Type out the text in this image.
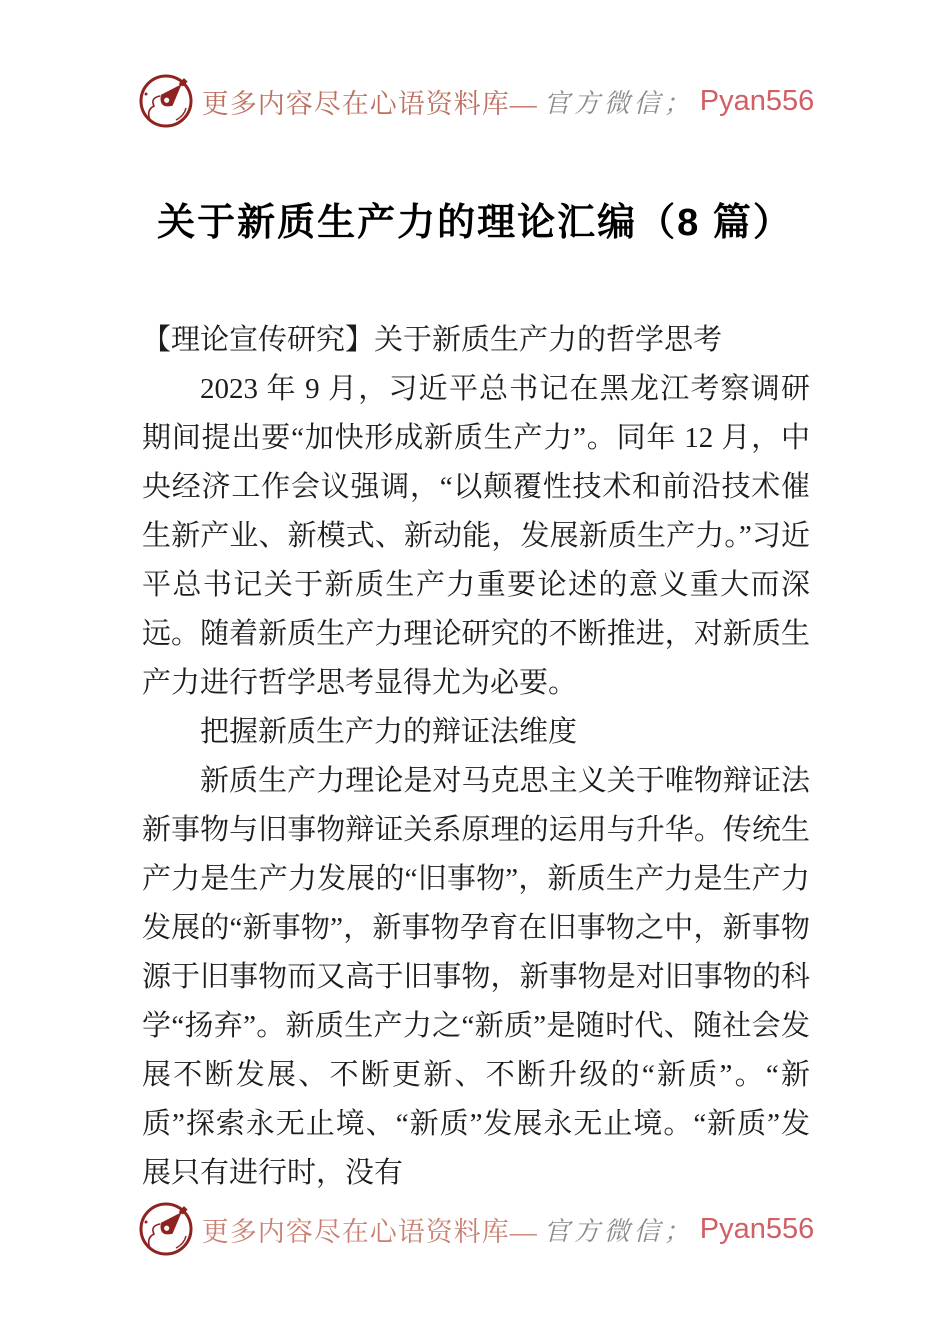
更多内容尽在心语资料库— 官方微信； Pyan556
关于新质生产力的理论汇编（8 篇）

【理论宣传研究】关于新质生产力的哲学思考

2023 年 9 月，习近平总书记在黑龙江考察调研期间提出要“加快形成新质生产力”。同年 12 月，中央经济工作会议强调，“以颠覆性技术和前沿技术催生新产业、新模式、新动能，发展新质生产力。”习近平总书记关于新质生产力重要论述的意义重大而深远。随着新质生产力理论研究的不断推进，对新质生产力进行哲学思考显得尤为必要。

把握新质生产力的辩证法维度

新质生产力理论是对马克思主义关于唯物辩证法新事物与旧事物辩证关系原理的运用与升华。传统生产力是生产力发展的“旧事物”，新质生产力是生产力发展的“新事物”，新事物孕育在旧事物之中，新事物源于旧事物而又高于旧事物，新事物是对旧事物的科学“扬弃”。新质生产力之“新质”是随时代、随社会发展不断发展、不断更新、不断升级的“新质”。“新质”探索永无止境、“新质”发展永无止境。“新质”发展只有进行时，没有

更多内容尽在心语资料库— 官方微信； Pyan556
